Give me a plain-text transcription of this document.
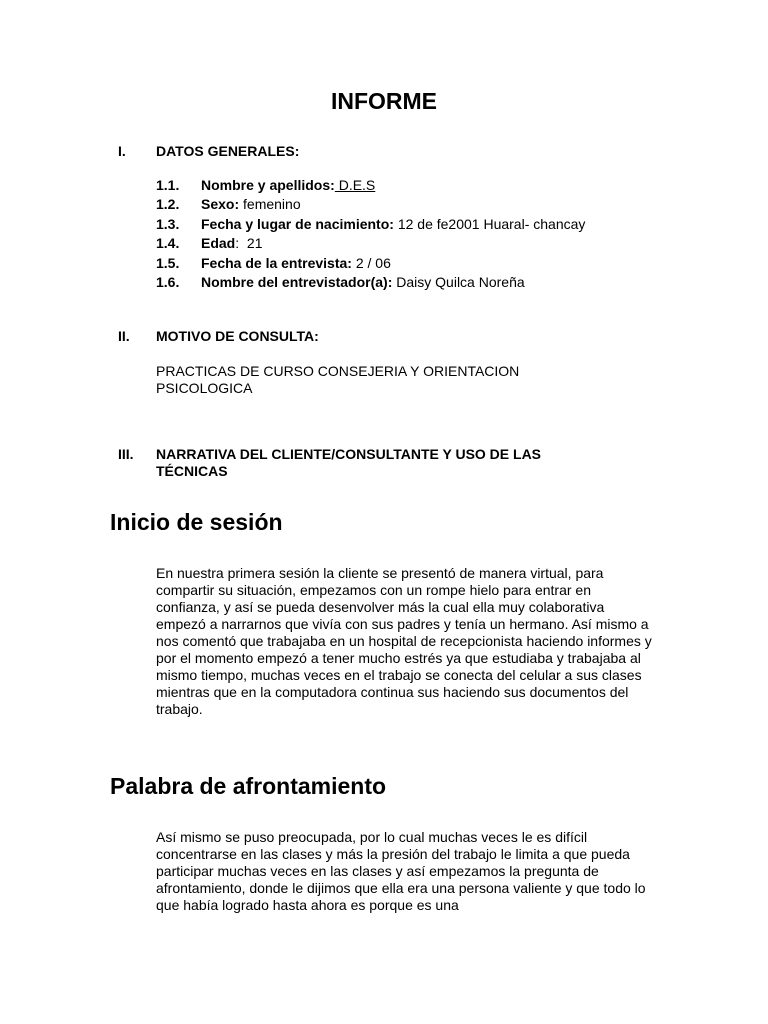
INFORME
I. DATOS GENERALES:
1.1. Nombre y apellidos: D.E.S
1.2. Sexo: femenino
1.3. Fecha y lugar de nacimiento: 12 de fe2001 Huaral- chancay
1.4. Edad:  21
1.5. Fecha de la entrevista: 2 / 06
1.6. Nombre del entrevistador(a): Daisy Quilca Noreña
II. MOTIVO DE CONSULTA:

PRACTICAS DE CURSO CONSEJERIA Y ORIENTACION PSICOLOGICA

III. NARRATIVA DEL CLIENTE/CONSULTANTE Y USO DE LAS TÉCNICAS
Inicio de sesión

En nuestra primera sesión la cliente se presentó de manera virtual, para compartir su situación, empezamos con un rompe hielo para entrar en confianza, y así se pueda desenvolver más la cual ella muy colaborativa empezó a narrarnos que vivía con sus padres y tenía un hermano. Así mismo a nos comentó que trabajaba en un hospital de recepcionista haciendo informes y por el momento empezó a tener mucho estrés ya que estudiaba y trabajaba al mismo tiempo, muchas veces en el trabajo se conecta del celular a sus clases mientras que en la computadora continua sus haciendo sus documentos del trabajo.

Palabra de afrontamiento

Así mismo se puso preocupada, por lo cual muchas veces le es difícil concentrarse en las clases y más la presión del trabajo le limita a que pueda participar muchas veces en las clases y así empezamos la pregunta de afrontamiento, donde le dijimos que ella era una persona valiente y que todo lo que había logrado hasta ahora es porque es una
